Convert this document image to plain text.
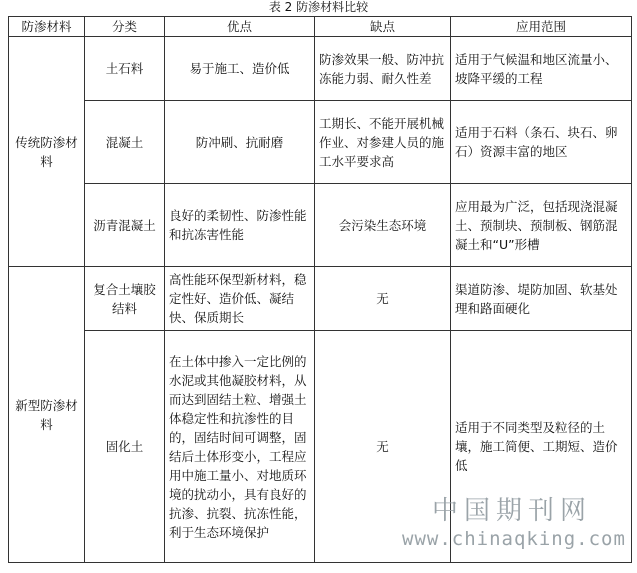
表 2 防渗材料比较
防渗材料	分类	优点	缺点	应用范围
传统防渗材料	土石料	易于施工、造价低	防渗效果一般、防冲抗冻能力弱、耐久性差	适用于气候温和地区流量小、坡降平缓的工程
	混凝土	防冲刷、抗耐磨	工期长、不能开展机械作业、对参建人员的施工水平要求高	适用于石料（条石、块石、卵石）资源丰富的地区
	沥青混凝土	良好的柔韧性、防渗性能和抗冻害性能	会污染生态环境	应用最为广泛，包括现浇混凝土、预制块、预制板、钢筋混凝土和“U”形槽
新型防渗材料	复合土壤胶结料	高性能环保型新材料，稳定性好、造价低、凝结快、保质期长	无	渠道防渗、堤防加固、软基处理和路面硬化
	固化土	在土体中掺入一定比例的水泥或其他凝胶材料，从而达到固结土粒、增强土体稳定性和抗渗性的目的，固结时间可调整，固结后土体形变小，工程应用中施工量小、对地质环境的扰动小，具有良好的抗渗、抗裂、抗冻性能，利于生态环境保护	无	适用于不同类型及粒径的土壤，施工简便、工期短、造价低
中国期刊网
www.chinaqking.com
